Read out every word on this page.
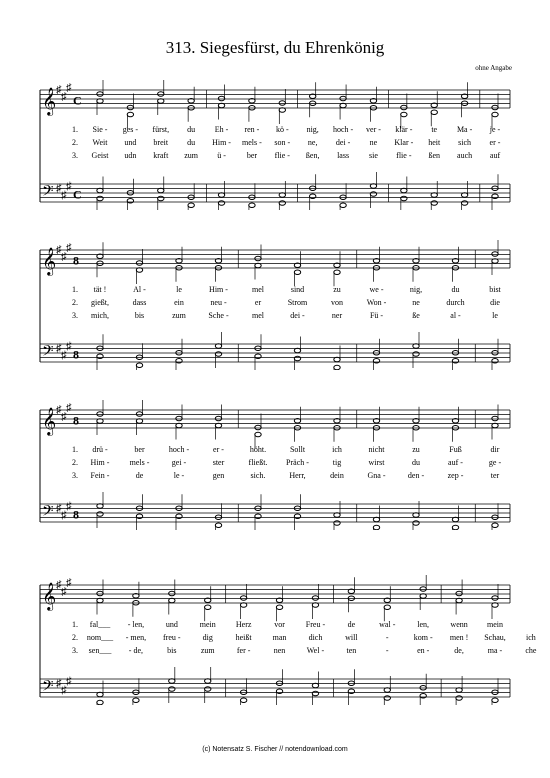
313. Siegesfürst, du Ehrenkönig
ohne Angabe
𝄞
𝄢
♯
♯
♯
♯
♯
♯
C
C
1. Sie - ges - fürst, du Eh - ren - kö - nig, hoch - ver - klär - te Ma - je -
2. Weit und breit du Him - mels - son - ne, dei - ne Klar - heit sich er -
3. Geist udn kraft zum ü -	ber flie - ßen, lass sie flie - ßen auch auf
𝄞
𝄢
♯
♯
♯
♯
♯
♯
8
8
1. tät !	Al -	le	Him -	mel	sind	zu	we -	nig,	du	bist
2. gießt,	dass	ein	neu -	er	Strom	von	Won -	ne	durch	die
3. mich,	bis	zum	Sche -	mel	dei -	ner	Fü -	ße	al -	le
𝄞
𝄢
♯
♯
♯
♯
♯
♯
8
8
1. drü -	ber	hoch -	er -	höht.	Sollt	ich	nicht	zu	Fuß	dir
2. Him -	mels -	gei -	ster	fließt. Präch -	tig	wirst	du	auf -	ge -
3. Fein -	de	le -	gen	sich.	Herr,	dein	Gna -	den -	zep -	ter
𝄞
𝄢
♯
♯
♯
♯
♯
♯
1. fal___ - len,	und	mein	Herz	vor	Freu -	de	wal -	len,	wenn mein
2. nom___ - men, freu -	dig	heißt	man	dich	will	-	kom - men ! Schau,	ich
3. sen___ - de,	bis	zum	fer -	nen	Wel -	ten	-	en -	de,	ma -	che
(c) Notensatz S. Fischer // notendownload.com
